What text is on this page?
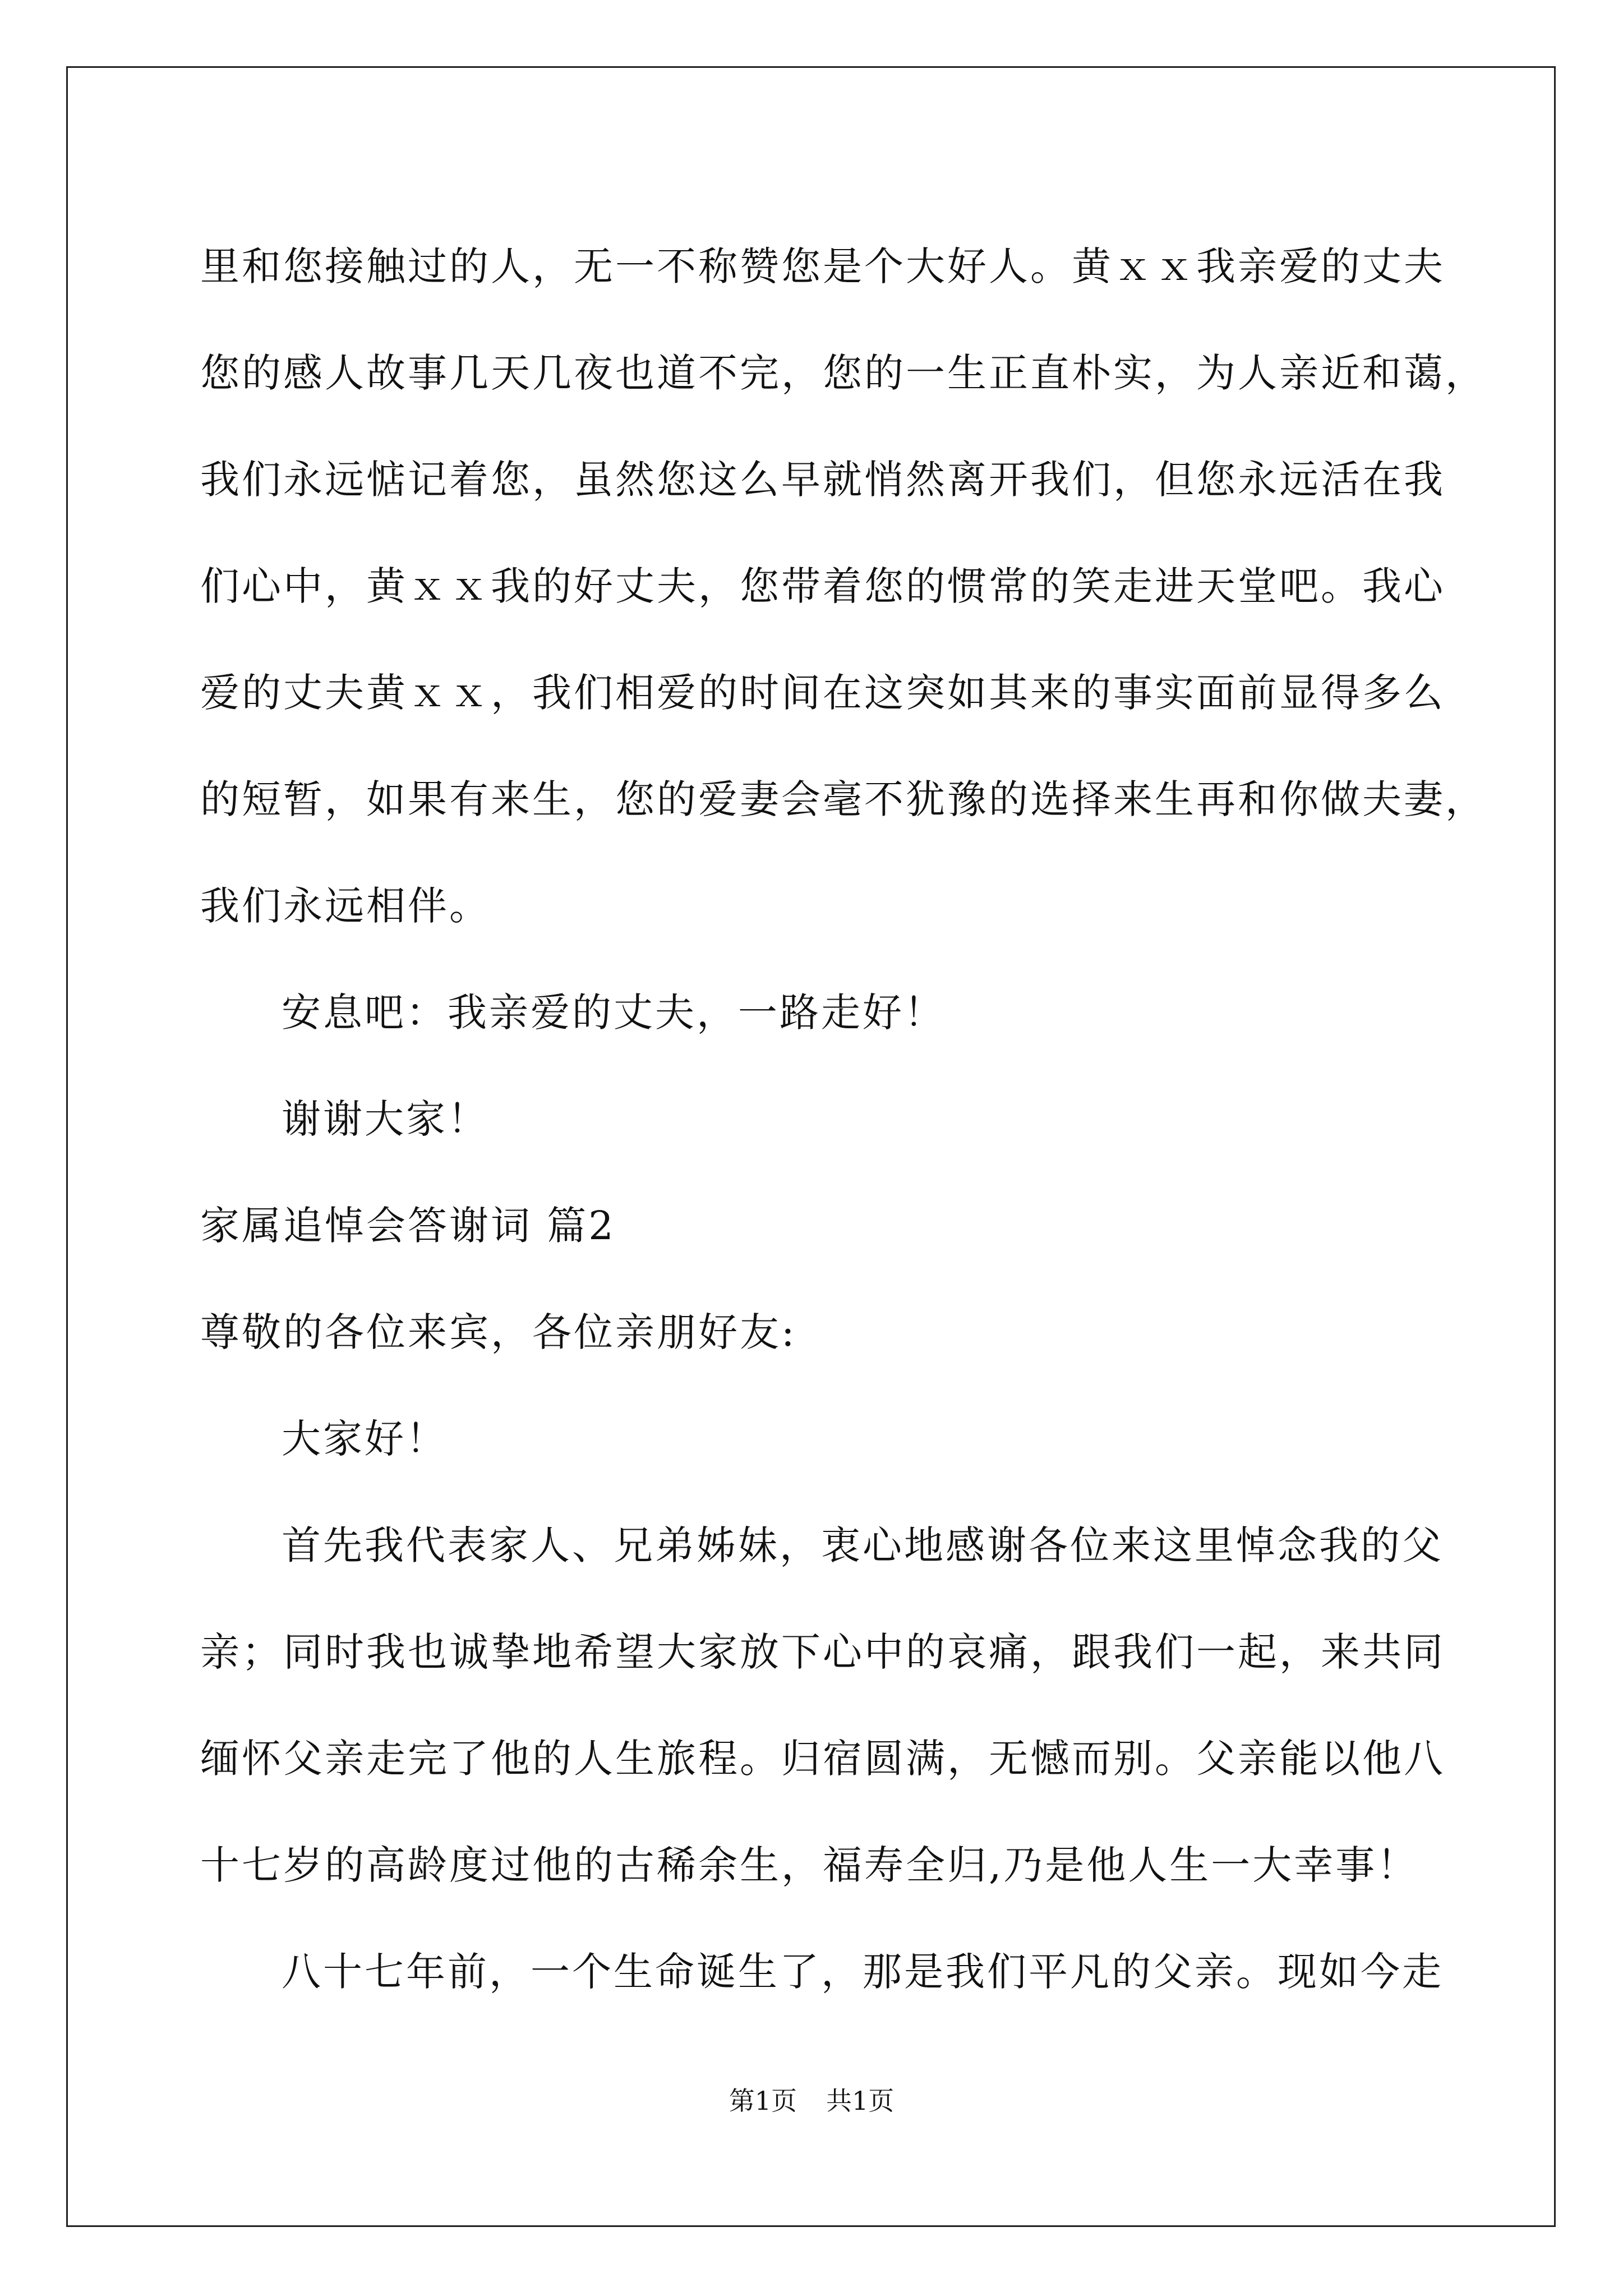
里和您接触过的人，无一不称赞您是个大好人。黄ｘｘ我亲爱的丈夫
您的感人故事几天几夜也道不完，您的一生正直朴实，为人亲近和蔼，
我们永远惦记着您，虽然您这么早就悄然离开我们，但您永远活在我
们心中，黄ｘｘ我的好丈夫，您带着您的惯常的笑走进天堂吧。我心
爱的丈夫黄ｘｘ，我们相爱的时间在这突如其来的事实面前显得多么
的短暂，如果有来生，您的爱妻会毫不犹豫的选择来生再和你做夫妻，
我们永远相伴。
安息吧：我亲爱的丈夫，一路走好！
谢谢大家！
家属追悼会答谢词 篇2
尊敬的各位来宾，各位亲朋好友:
大家好！
首先我代表家人、兄弟姊妹，衷心地感谢各位来这里悼念我的父
亲；同时我也诚挚地希望大家放下心中的哀痛，跟我们一起，来共同
缅怀父亲走完了他的人生旅程。归宿圆满，无憾而别。父亲能以他八
十七岁的高龄度过他的古稀余生，福寿全归,乃是他人生一大幸事！
八十七年前，一个生命诞生了，那是我们平凡的父亲。现如今走
第1页 共1页
